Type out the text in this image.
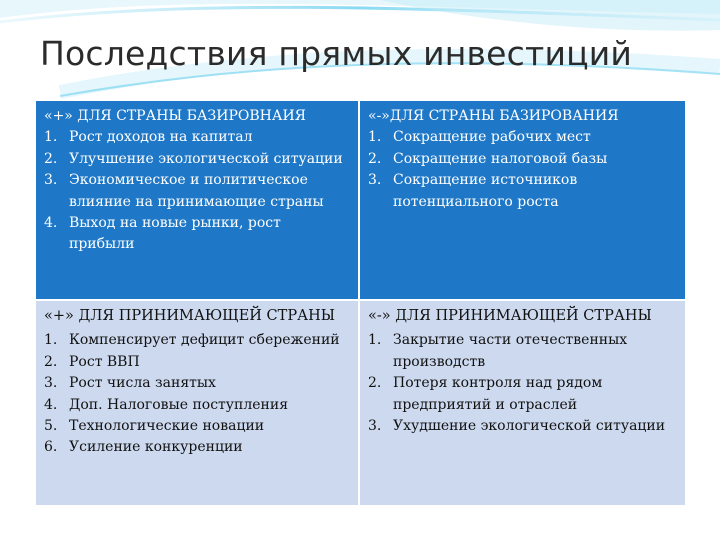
Последствия прямых инвестиций
«+» ДЛЯ СТРАНЫ БАЗИРОВНАИЯ
1. Рост доходов на капитал
2. Улучшение экологической ситуации
3. Экономическое и политическое влияние на принимающие страны
4. Выход на новые рынки, рост прибыли
«-»ДЛЯ СТРАНЫ БАЗИРОВАНИЯ
1. Сокращение рабочих мест
2. Сокращение налоговой базы
3. Сокращение источников потенциального роста
«+» ДЛЯ ПРИНИМАЮЩЕЙ СТРАНЫ
1. Компенсирует дефицит сбережений
2. Рост ВВП
3. Рост числа занятых
4. Доп. Налоговые поступления
5. Технологические новации
6. Усиление конкуренции
«-» ДЛЯ ПРИНИМАЮЩЕЙ СТРАНЫ
1. Закрытие части отечественных производств
2. Потеря контроля над рядом предприятий и отраслей
3. Ухудшение экологической ситуации
